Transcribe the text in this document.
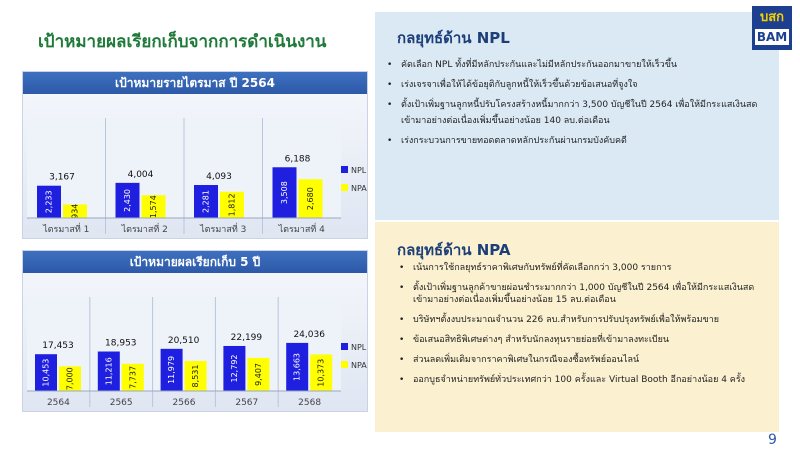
เป้าหมายผลเรียกเก็บจากการดำเนินงาน
เป้าหมายรายไตรมาส ปี 2564
2,233 934
3,167
ไตรมาสที่ 1
2,430 1,574
4,004
ไตรมาสที่ 2
2,281 1,812
4,093
ไตรมาสที่ 3
3,508 2,680
6,188
ไตรมาสที่ 4
NPL
NPA
เป้าหมายผลเรียกเก็บ 5 ปี
10,453 7,000
17,453
2564
11,216 7,737
18,953
2565
11,979 8,531
20,510
2566
12,792 9,407
22,199
2567
13,663 10,373
24,036
2568
NPL
NPA
กลยุทธ์ด้าน NPL
• คัดเลือก NPL ทั้งที่มีหลักประกันและไม่มีหลักประกันออกมาขายให้เร็วขึ้น
• เร่งเจรจาเพื่อให้ได้ข้อยุติกับลูกหนี้ให้เร็วขึ้นด้วยข้อเสนอที่จูงใจ
• ตั้งเป้าเพิ่มฐานลูกหนี้ปรับโครงสร้างหนี้มากกว่า 3,500 บัญชีในปี 2564 เพื่อให้มีกระแสเงินสดเข้ามาอย่างต่อเนื่องเพิ่มขึ้นอย่างน้อย 140 ลบ.ต่อเดือน
• เร่งกระบวนการขายทอดตลาดหลักประกันผ่านกรมบังคับคดี
กลยุทธ์ด้าน NPA
• เน้นการใช้กลยุทธ์ราคาพิเศษกับทรัพย์ที่คัดเลือกกว่า 3,000 รายการ
• ตั้งเป้าเพิ่มฐานลูกค้าขายผ่อนชำระมากกว่า 1,000 บัญชีในปี 2564 เพื่อให้มีกระแสเงินสดเข้ามาอย่างต่อเนื่องเพิ่มขึ้นอย่างน้อย 15 ลบ.ต่อเดือน
• บริษัทฯตั้งงบประมาณจำนวน 226 ลบ.สำหรับการปรับปรุงทรัพย์เพื่อให้พร้อมขาย
• ข้อเสนอสิทธิพิเศษต่างๆ สำหรับนักลงทุนรายย่อยที่เข้ามาลงทะเบียน
• ส่วนลดเพิ่มเติมจากราคาพิเศษในกรณีจองซื้อทรัพย์ออนไลน์
• ออกบูธจำหน่ายทรัพย์ทั่วประเทศกว่า 100 ครั้งและ Virtual Booth อีกอย่างน้อย 4 ครั้ง
บสก
BAM
9
